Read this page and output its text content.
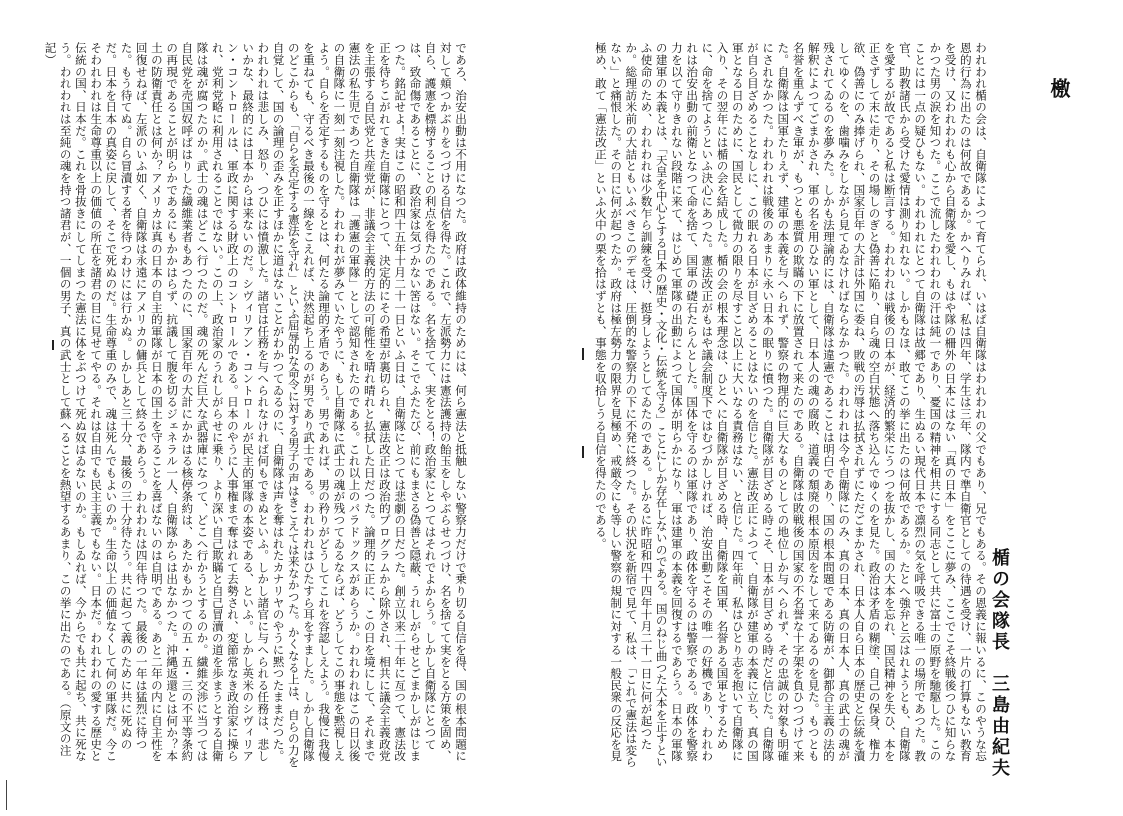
檄
楯の会隊長　三島由紀夫

われわれ楯の会は、自衛隊によつて育てられ、いはば自衛隊はわれわれの父でもあり、兄でもある。その恩義に報いるに、このやうな忘恩的行為に出たのは何故であるか。かへりみれば、私は四年、学生は三年、隊内で準自衛官としての待遇を受け、一片の打算もない教育を受け、又われわれも心から自衛隊を愛し、もはや隊の柵外の日本にはない「真の日本」をここに夢み、ここでこそ終戦後つひに知らなかつた男の涙を知つた。ここで流したわれわれの汗は純一であり、憂国の精神を相共にする同志として共に富士の原野を馳駆した。このことには一点の疑ひもない。われわれにとつて自衛隊は故郷であり、生ぬるい現代日本で凛烈の気を呼吸できる唯一の場所であつた。教官、助教諸氏から受けた愛情は測り知れない。しかもなほ、敢てこの挙に出たのは何故であるか。たとへ強弁と云はれようとも、自衛隊を愛するが故であると私は断言する。われわれは戦後の日本が、経済的繁栄にうつつを抜かし、国の大本を忘れ、国民精神を失ひ、本を正さずして末に走り、その場しのぎと偽善に陥り、自ら魂の空白状態へ落ち込んでゆくのを見た。政治は矛盾の糊塗、自己の保身、権力欲、偽善にのみ捧げられ、国家百年の大計は外国に委ね、敗戦の汚辱は払拭されずにただごまかされ、日本人自ら日本の歴史と伝統を瀆してゆくのを、歯噛みをしながら見てゐなければならなかつた。われわれは今や自衛隊にのみ、真の日本、真の日本人、真の武士の魂が残されてゐるのを夢みた。しかも法理論的には、自衛隊は違憲であることは明白であり、国の根本問題である防衛が、御都合主義の法的解釈によつてごまかされ、軍の名を用ひない軍として、日本人の魂の腐敗、道義の頽廃の根本原因をなして来てゐるのを見た。もつとも名誉を重んずべき軍が、もつとも悪質の欺瞞の下に放置されて来たのである。自衛隊は敗戦後の国家の不名誉な十字架を負ひつづけて来た。自衛隊は国軍たりえず、建軍の本義を与へられず、警察の物理的に巨大なものとしての地位しか与へられず、その忠誠の対象も明確にされなかつた。われわれは戦後のあまりに永い日本の眠りに憤つた。自衛隊が目ざめる時こそ、日本が目ざめる時だと信じた。自衛隊が自ら目ざめることなしに、この眠れる日本が目ざめることはないのを信じた。憲法改正によつて、自衛隊が建軍の本義に立ち、真の国軍となる日のために、国民として微力の限りを尽すこと以上に大いなる責務はない、と信じた。四年前、私はひとり志を抱いて自衛隊に入り、その翌年には楯の会を結成した。楯の会の根本理念は、ひとへに自衛隊が目ざめる時、自衛隊を国軍、名誉ある国軍とするために、命を捨てようといふ決心にあつた。憲法改正がもはや議会制度下ではむづかしければ、治安出動こそその唯一の好機であり、われわれは治安出動の前衛となつて命を捨て、国軍の礎石たらんとした。国体を守るのは軍隊であり、政体を守るのは警察である。政体を警察力を以て守りきれない段階に来て、はじめて軍隊の出動によつて国体が明らかになり、軍は建軍の本義を回復するであらう。日本の軍隊の建軍の本義とは、「天皇を中心とする日本の歴史・文化・伝統を守る」ことにしか存在しないのである。国のねじ曲つた大本を正すといふ使命のため、われわれは少数乍ら訓練を受け、挺身しようとしてゐたのである。しかるに昨昭和四十四年十月二十一日に何が起つたか。総理訪米前の大詰ともいふべきこのデモは、圧倒的な警察力の下に不発に終つた。その状況を新宿で見て、私は、「これで憲法は変らない」と痛恨した。その日に何が起つたか。政府は極左勢力の限界を見極め、戒厳令にも等しい警察の規制に対する一般民衆の反応を見極め、敢て「憲法改正」といふ火中の栗を拾はずとも、事態を収拾しうる自信を得たのである。

であろ、治安出動は不用になつた。政府は政体維持のためには、何ら憲法と抵触しない警察力だけで乗り切る自信を得、国の根本問題に対して頬つかぶりをつづける自信を得た。これで、左派勢力には憲法護持の飴玉をしやぶらせつづけ、名を捨てて実をとる方策を固め、自ら、護憲を標榜することの利点を得たのである。名を捨てて、実をとる！政治家にとつてはそれでよからう。しかし自衛隊にとつては、致命傷であることに、政治家は気づかない筈はない。そこでふたたび、前にもまさる偽善と隠蔽、うれしがらせとごまかしがはじまつた。銘記せよ！実はこの昭和四十五年十月二十一日といふ日は、自衛隊にとつては悲劇の日だつた。創立以来二十年に亙つて、憲法改正を待ちこがれてきた自衛隊にとつて、決定的にその希望が裏切られ、憲法改正は政治的プログラムから除外され、相共に議会主義政党を主張する自民党と共産党が、非議会主義的方法の可能性を晴れ晴れと払拭した日だつた。論理的に正に、この日を境にして、それまで憲法の私生児であつた自衛隊は「護憲の軍隊」として認知されたのである。これ以上のパラドックスがあらうか。われわれはこの日以後の自衛隊に一刻一刻注視した。われわれが夢みていたやうに、もし自衛隊に武士の魂が残つてゐるならば、どうしてこの事態を黙視しえよう。自らを否定するものを守るとは、何たる論理的矛盾であらう。男であれば、男の矜りがどうしてこれを容認しえよう。我慢に我慢を重ねても、守るべき最後の一線をこえれば、決然起ち上るのが男であり武士である。われわれはひたすら耳をすました。しかし自衛隊のどこからも、「自らを否定する憲法を守れ」といふ屈辱的な命令に対する男子の声はきこえては来なかつた。かくなる上は、自らの力を自覚して、国の論理の歪みを正すほかに道はないことがわかつてゐるのに、自衛隊は声を奪はれたカナリヤのやうに黙つたままだつた。われわれは悲しみ、怒り、つひには憤激した。諸官は任務を与へられなければ何もできぬといふ。しかし諸官に与へられる任務は、悲しいかな、最終的には日本からは来ないのだ。シヴィリアン・コントロールが民主的軍隊の本姿である、といふ。しかし英米のシヴィリアン・コントロールは、軍政に関する財政上のコントロールである。日本のやうに人事権まで奪はれて去勢され、変節常なき政治家に操られ、党利党略に利用されることではない。この上、政治家のうれしがらせに乗り、より深い自己欺瞞と自己冒瀆の道を歩まうとする自衛隊は魂が腐つたのか。武士の魂はどこへ行つたのだ。魂の死んだ巨大な武器庫になつて、どこへ行かうとするのか。繊維交渉に当つては自民党を売国奴呼ばはりした繊維業者もあつたのに、国家百年の大計にかかはる核停条約は、あたかもかつての五・五・三の不平等条約の再現であることが明らかであるにもかかはらず、抗議して腹を切るジェネラル一人、自衛隊からは出なかつた。沖縄返還とは何か？本土の防衛責任とは何か？アメリカは真の日本の自主的軍隊が日本の国土を守ることを喜ばないのは自明である。あと二年の内に自主性を回復せねば、左派のいふ如く、自衛隊は永遠にアメリカの傭兵として終るであらう。われわれは四年待つた。最後の一年は猛烈に待つた。もう待てぬ。自ら冒瀆する者を待つわけには行かぬ。しかしあと三十分、最後の三十分待たう。共に起つて義のために共に死ぬのだ。日本を日本の真姿に戻して、そこで死ぬのだ。生命尊重のみで、魂は死んでもよいのか。生命以上の価値なくして何の軍隊だ。今こそわれわれは生命尊重以上の価値の所在を諸君の目に見せてやる。それは自由でも民主主義でもない。日本だ。われわれの愛する歴史と伝統の国、日本だ。これを骨抜きにしてしまつた憲法に体をぶつけて死ぬ奴はゐないのか。もしゐれば、今からでも共に起ち、共に死なう。われわれは至純の魂を持つ諸君が、一個の男子、真の武士として蘇へることを熱望するあまり、この挙に出たのである。（原文の注記）
